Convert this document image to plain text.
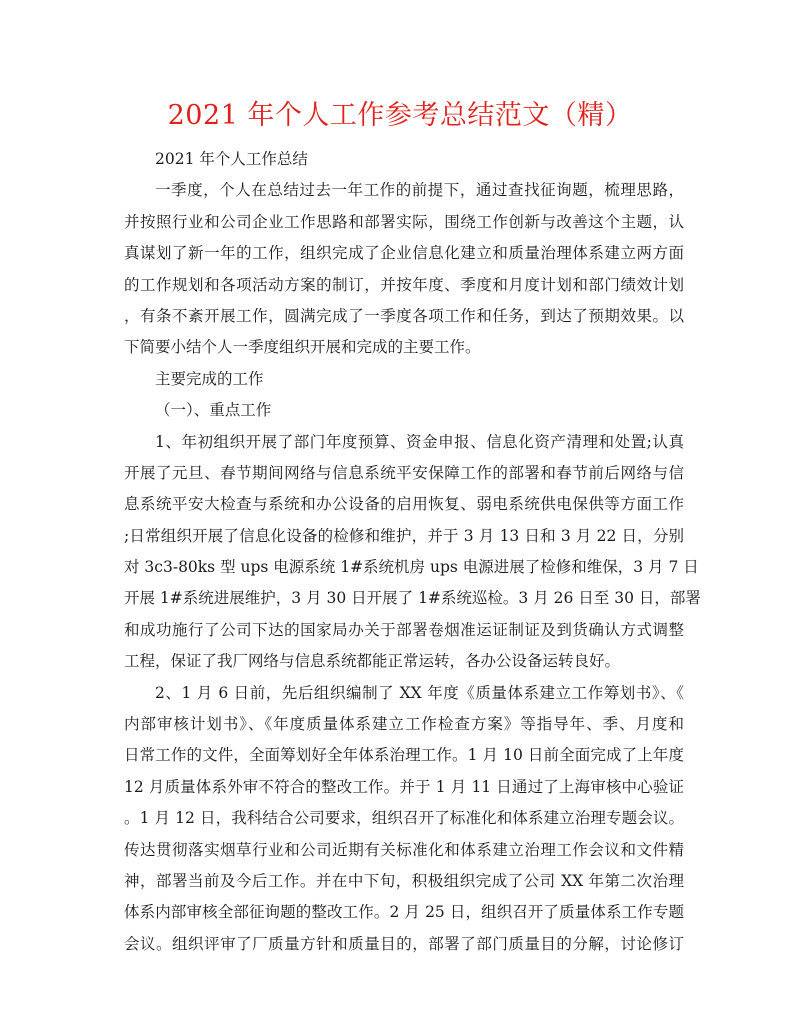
2021 年个人工作参考总结范文（精）
2021 年个人工作总结
一季度，个人在总结过去一年工作的前提下，通过查找征询题，梳理思路，
并按照行业和公司企业工作思路和部署实际，围绕工作创新与改善这个主题，认
真谋划了新一年的工作，组织完成了企业信息化建立和质量治理体系建立两方面
的工作规划和各项活动方案的制订，并按年度、季度和月度计划和部门绩效计划
，有条不紊开展工作，圆满完成了一季度各项工作和任务，到达了预期效果。以
下简要小结个人一季度组织开展和完成的主要工作。
主要完成的工作
（一）、重点工作
1、年初组织开展了部门年度预算、资金申报、信息化资产清理和处置;认真
开展了元旦、春节期间网络与信息系统平安保障工作的部署和春节前后网络与信
息系统平安大检查与系统和办公设备的启用恢复、弱电系统供电保供等方面工作
;日常组织开展了信息化设备的检修和维护，并于 3 月 13 日和 3 月 22 日，分别
对 3c3-80ks 型 ups 电源系统 1#系统机房 ups 电源进展了检修和维保，3 月 7 日
开展 1#系统进展维护，3 月 30 日开展了 1#系统巡检。3 月 26 日至 30 日，部署
和成功施行了公司下达的国家局办关于部署卷烟准运证制证及到货确认方式调整
工程，保证了我厂网络与信息系统都能正常运转，各办公设备运转良好。
2、1 月 6 日前，先后组织编制了 XX 年度《质量体系建立工作筹划书》、《
内部审核计划书》、《年度质量体系建立工作检查方案》等指导年、季、月度和
日常工作的文件，全面筹划好全年体系治理工作。1 月 10 日前全面完成了上年度
12 月质量体系外审不符合的整改工作。并于 1 月 11 日通过了上海审核中心验证
。1 月 12 日，我科结合公司要求，组织召开了标准化和体系建立治理专题会议。
传达贯彻落实烟草行业和公司近期有关标准化和体系建立治理工作会议和文件精
神，部署当前及今后工作。并在中下旬，积极组织完成了公司 XX 年第二次治理
体系内部审核全部征询题的整改工作。2 月 25 日，组织召开了质量体系工作专题
会议。组织评审了厂质量方针和质量目的，部署了部门质量目的分解，讨论修订
